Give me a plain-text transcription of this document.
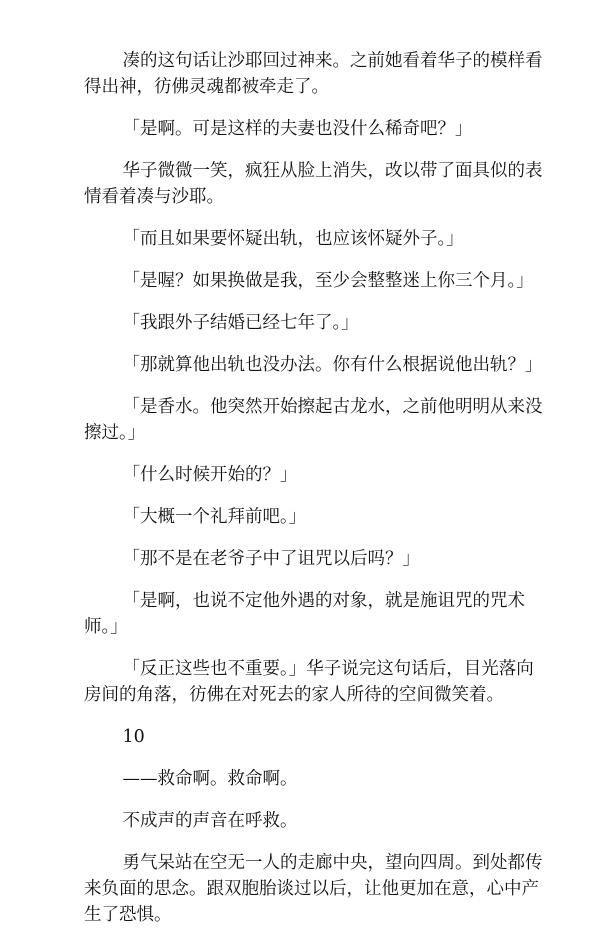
凑的这句话让沙耶回过神来。之前她看着华子的模样看得出神，彷佛灵魂都被牵走了。

「是啊。可是这样的夫妻也没什么稀奇吧？」

华子微微一笑，疯狂从脸上消失，改以带了面具似的表情看着凑与沙耶。

「而且如果要怀疑出轨，也应该怀疑外子。」

「是喔？如果换做是我，至少会整整迷上你三个月。」

「我跟外子结婚已经七年了。」

「那就算他出轨也没办法。你有什么根据说他出轨？」

「是香水。他突然开始擦起古龙水，之前他明明从来没擦过。」

「什么时候开始的？」

「大概一个礼拜前吧。」

「那不是在老爷子中了诅咒以后吗？」

「是啊，也说不定他外遇的对象，就是施诅咒的咒术师。」

「反正这些也不重要。」华子说完这句话后，目光落向房间的角落，彷佛在对死去的家人所待的空间微笑着。

10

——救命啊。救命啊。

不成声的声音在呼救。

勇气呆站在空无一人的走廊中央，望向四周。到处都传来负面的思念。跟双胞胎谈过以后，让他更加在意，心中产生了恐惧。
